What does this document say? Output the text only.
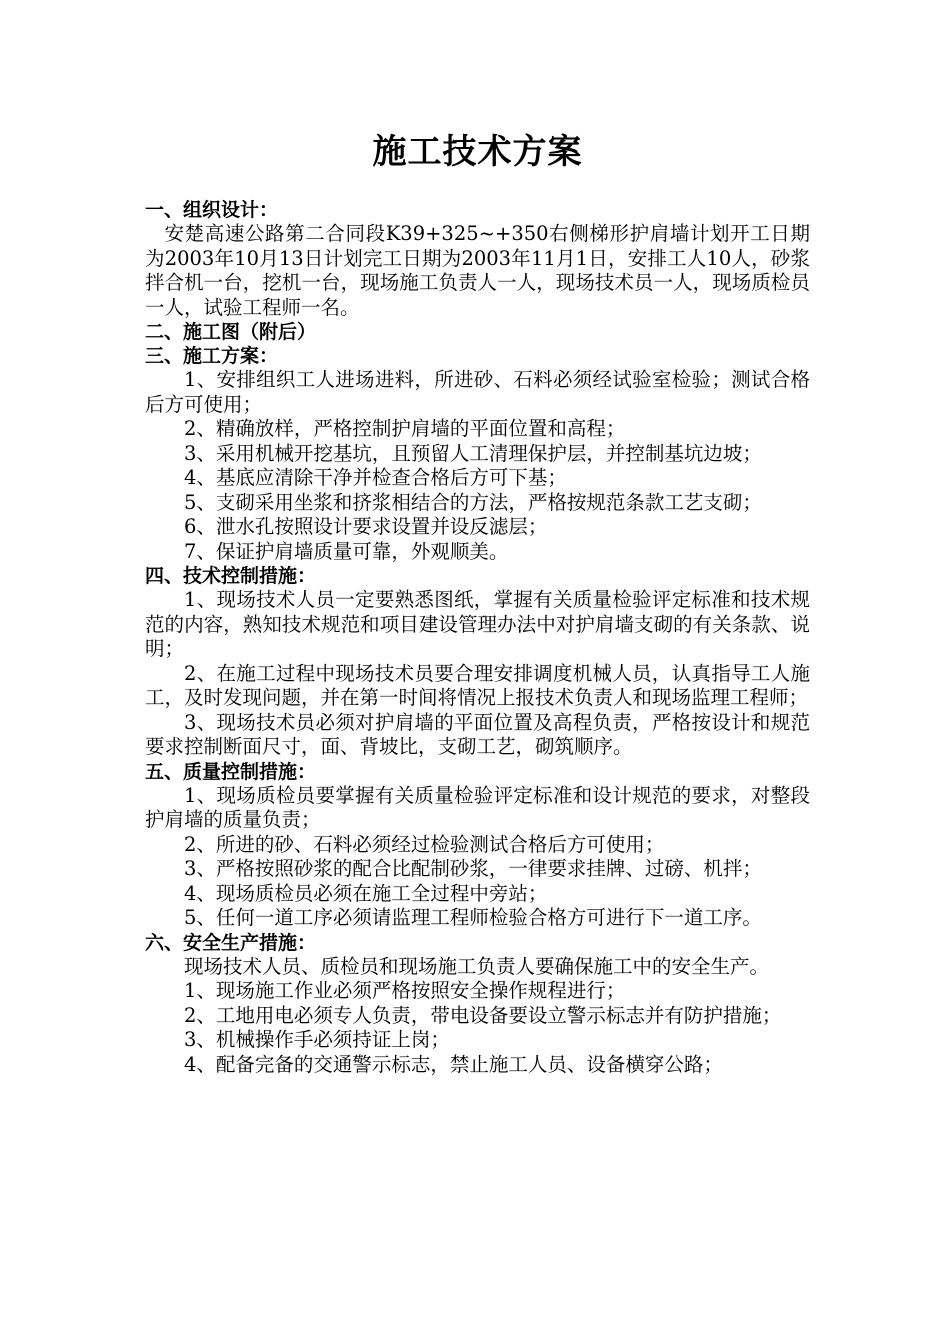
施工技术方案

一、组织设计：

安楚高速公路第二合同段K39+325~+350右侧梯形护肩墙计划开工日期为2003年10月13日计划完工日期为2003年11月1日，安排工人10人，砂浆拌合机一台，挖机一台，现场施工负责人一人，现场技术员一人，现场质检员一人，试验工程师一名。

二、施工图（附后）

三、施工方案：

1、安排组织工人进场进料，所进砂、石料必须经试验室检验；测试合格后方可使用；

2、精确放样，严格控制护肩墙的平面位置和高程；

3、采用机械开挖基坑，且预留人工清理保护层，并控制基坑边坡；

4、基底应清除干净并检查合格后方可下基；

5、支砌采用坐浆和挤浆相结合的方法，严格按规范条款工艺支砌；

6、泄水孔按照设计要求设置并设反滤层；

7、保证护肩墙质量可靠，外观顺美。

四、技术控制措施：

1、现场技术人员一定要熟悉图纸，掌握有关质量检验评定标准和技术规范的内容，熟知技术规范和项目建设管理办法中对护肩墙支砌的有关条款、说明；

2、在施工过程中现场技术员要合理安排调度机械人员，认真指导工人施工，及时发现问题，并在第一时间将情况上报技术负责人和现场监理工程师；

3、现场技术员必须对护肩墙的平面位置及高程负责，严格按设计和规范要求控制断面尺寸，面、背坡比，支砌工艺，砌筑顺序。

五、质量控制措施：

1、现场质检员要掌握有关质量检验评定标准和设计规范的要求，对整段护肩墙的质量负责；

2、所进的砂、石料必须经过检验测试合格后方可使用；

3、严格按照砂浆的配合比配制砂浆，一律要求挂牌、过磅、机拌；

4、现场质检员必须在施工全过程中旁站；

5、任何一道工序必须请监理工程师检验合格方可进行下一道工序。

六、安全生产措施：

现场技术人员、质检员和现场施工负责人要确保施工中的安全生产。

1、现场施工作业必须严格按照安全操作规程进行；

2、工地用电必须专人负责，带电设备要设立警示标志并有防护措施；

3、机械操作手必须持证上岗；

4、配备完备的交通警示标志，禁止施工人员、设备横穿公路；
